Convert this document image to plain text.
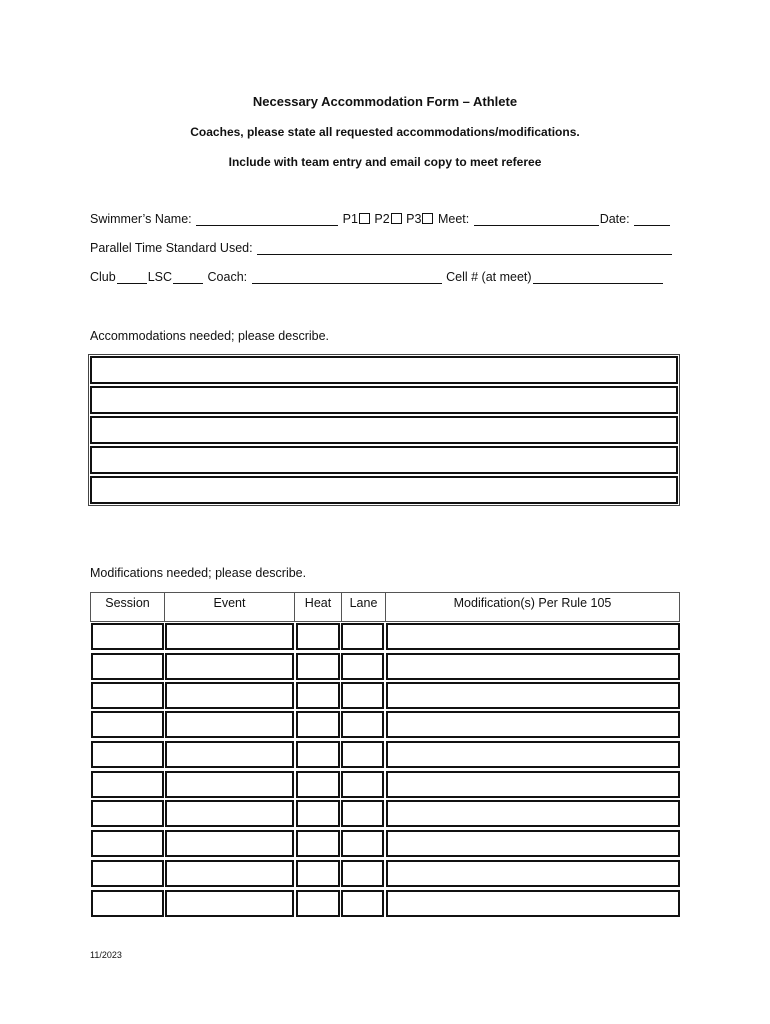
Necessary Accommodation Form – Athlete
Coaches, please state all requested accommodations/modifications.
Include with team entry and email copy to meet referee
Swimmer’s Name:	P1 P2 P3 Meet:	Date:
Parallel Time Standard Used:
Club	LSC	Coach:	Cell # (at meet)
Accommodations needed; please describe.
Modifications needed; please describe.
Session	Event	Heat	Lane	Modification(s) Per Rule 105
11/2023
